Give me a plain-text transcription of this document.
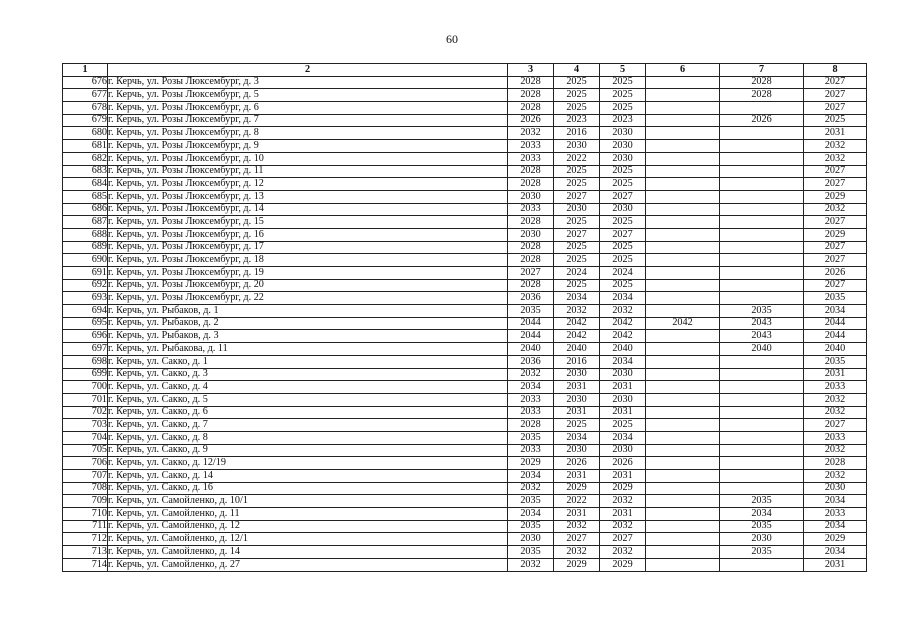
60
1	2	3	4	5	6	7	8
676	г. Керчь, ул. Розы Люксембург, д. 3	2028	2025	2025		2028	2027
677	г. Керчь, ул. Розы Люксембург, д. 5	2028	2025	2025		2028	2027
678	г. Керчь, ул. Розы Люксембург, д. 6	2028	2025	2025			2027
679	г. Керчь, ул. Розы Люксембург, д. 7	2026	2023	2023		2026	2025
680	г. Керчь, ул. Розы Люксембург, д. 8	2032	2016	2030			2031
681	г. Керчь, ул. Розы Люксембург, д. 9	2033	2030	2030			2032
682	г. Керчь, ул. Розы Люксембург, д. 10	2033	2022	2030			2032
683	г. Керчь, ул. Розы Люксембург, д. 11	2028	2025	2025			2027
684	г. Керчь, ул. Розы Люксембург, д. 12	2028	2025	2025			2027
685	г. Керчь, ул. Розы Люксембург, д. 13	2030	2027	2027			2029
686	г. Керчь, ул. Розы Люксембург, д. 14	2033	2030	2030			2032
687	г. Керчь, ул. Розы Люксембург, д. 15	2028	2025	2025			2027
688	г. Керчь, ул. Розы Люксембург, д. 16	2030	2027	2027			2029
689	г. Керчь, ул. Розы Люксембург, д. 17	2028	2025	2025			2027
690	г. Керчь, ул. Розы Люксембург, д. 18	2028	2025	2025			2027
691	г. Керчь, ул. Розы Люксембург, д. 19	2027	2024	2024			2026
692	г. Керчь, ул. Розы Люксембург, д. 20	2028	2025	2025			2027
693	г. Керчь, ул. Розы Люксембург, д. 22	2036	2034	2034			2035
694	г. Керчь, ул. Рыбаков, д. 1	2035	2032	2032		2035	2034
695	г. Керчь, ул. Рыбаков, д. 2	2044	2042	2042	2042	2043	2044
696	г. Керчь, ул. Рыбаков, д. 3	2044	2042	2042		2043	2044
697	г. Керчь, ул. Рыбакова, д. 11	2040	2040	2040		2040	2040
698	г. Керчь, ул. Сакко, д. 1	2036	2016	2034			2035
699	г. Керчь, ул. Сакко, д. 3	2032	2030	2030			2031
700	г. Керчь, ул. Сакко, д. 4	2034	2031	2031			2033
701	г. Керчь, ул. Сакко, д. 5	2033	2030	2030			2032
702	г. Керчь, ул. Сакко, д. 6	2033	2031	2031			2032
703	г. Керчь, ул. Сакко, д. 7	2028	2025	2025			2027
704	г. Керчь, ул. Сакко, д. 8	2035	2034	2034			2033
705	г. Керчь, ул. Сакко, д. 9	2033	2030	2030			2032
706	г. Керчь, ул. Сакко, д. 12/19	2029	2026	2026			2028
707	г. Керчь, ул. Сакко, д. 14	2034	2031	2031			2032
708	г. Керчь, ул. Сакко, д. 16	2032	2029	2029			2030
709	г. Керчь, ул. Самойленко, д. 10/1	2035	2022	2032		2035	2034
710	г. Керчь, ул. Самойленко, д. 11	2034	2031	2031		2034	2033
711	г. Керчь, ул. Самойленко, д. 12	2035	2032	2032		2035	2034
712	г. Керчь, ул. Самойленко, д. 12/1	2030	2027	2027		2030	2029
713	г. Керчь, ул. Самойленко, д. 14	2035	2032	2032		2035	2034
714	г. Керчь, ул. Самойленко, д. 27	2032	2029	2029			2031
